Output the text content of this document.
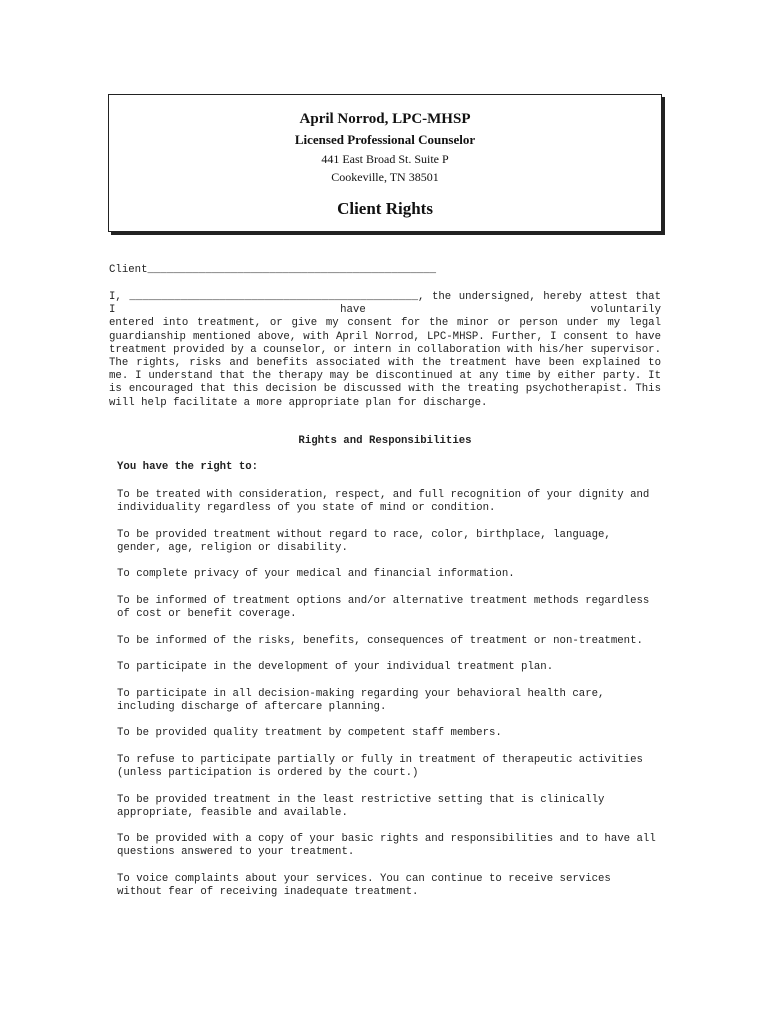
April Norrod, LPC-MHSP
Licensed Professional Counselor
441 East Broad St. Suite P
Cookeville, TN 38501
Client Rights
Client_____________________________________________
I, _____________________________________________, the undersigned, hereby attest that I have voluntarily
entered into treatment, or give my consent for the minor or person under my legal guardianship mentioned above, with April Norrod, LPC-MHSP. Further, I consent to have treatment provided by a counselor, or intern in collaboration with his/her supervisor. The rights, risks and benefits associated with the treatment have been explained to me. I understand that the therapy may be discontinued at any time by either party. It is encouraged that this decision be discussed with the treating psychotherapist. This will help facilitate a more appropriate plan for discharge.
Rights and Responsibilities
You have the right to:
To be treated with consideration, respect, and full recognition of your dignity and individuality regardless of you state of mind or condition.
To be provided treatment without regard to race, color, birthplace, language, gender, age, religion or disability.
To complete privacy of your medical and financial information.
To be informed of treatment options and/or alternative treatment methods regardless of cost or benefit coverage.
To be informed of the risks, benefits, consequences of treatment or non-treatment.
To participate in the development of your individual treatment plan.
To participate in all decision-making regarding your behavioral health care, including discharge of aftercare planning.
To be provided quality treatment by competent staff members.
To refuse to participate partially or fully in treatment of therapeutic activities (unless participation is ordered by the court.)
To be provided treatment in the least restrictive setting that is clinically appropriate, feasible and available.
To be provided with a copy of your basic rights and responsibilities and to have all questions answered to your treatment.
To voice complaints about your services. You can continue to receive services without fear of receiving inadequate treatment.
